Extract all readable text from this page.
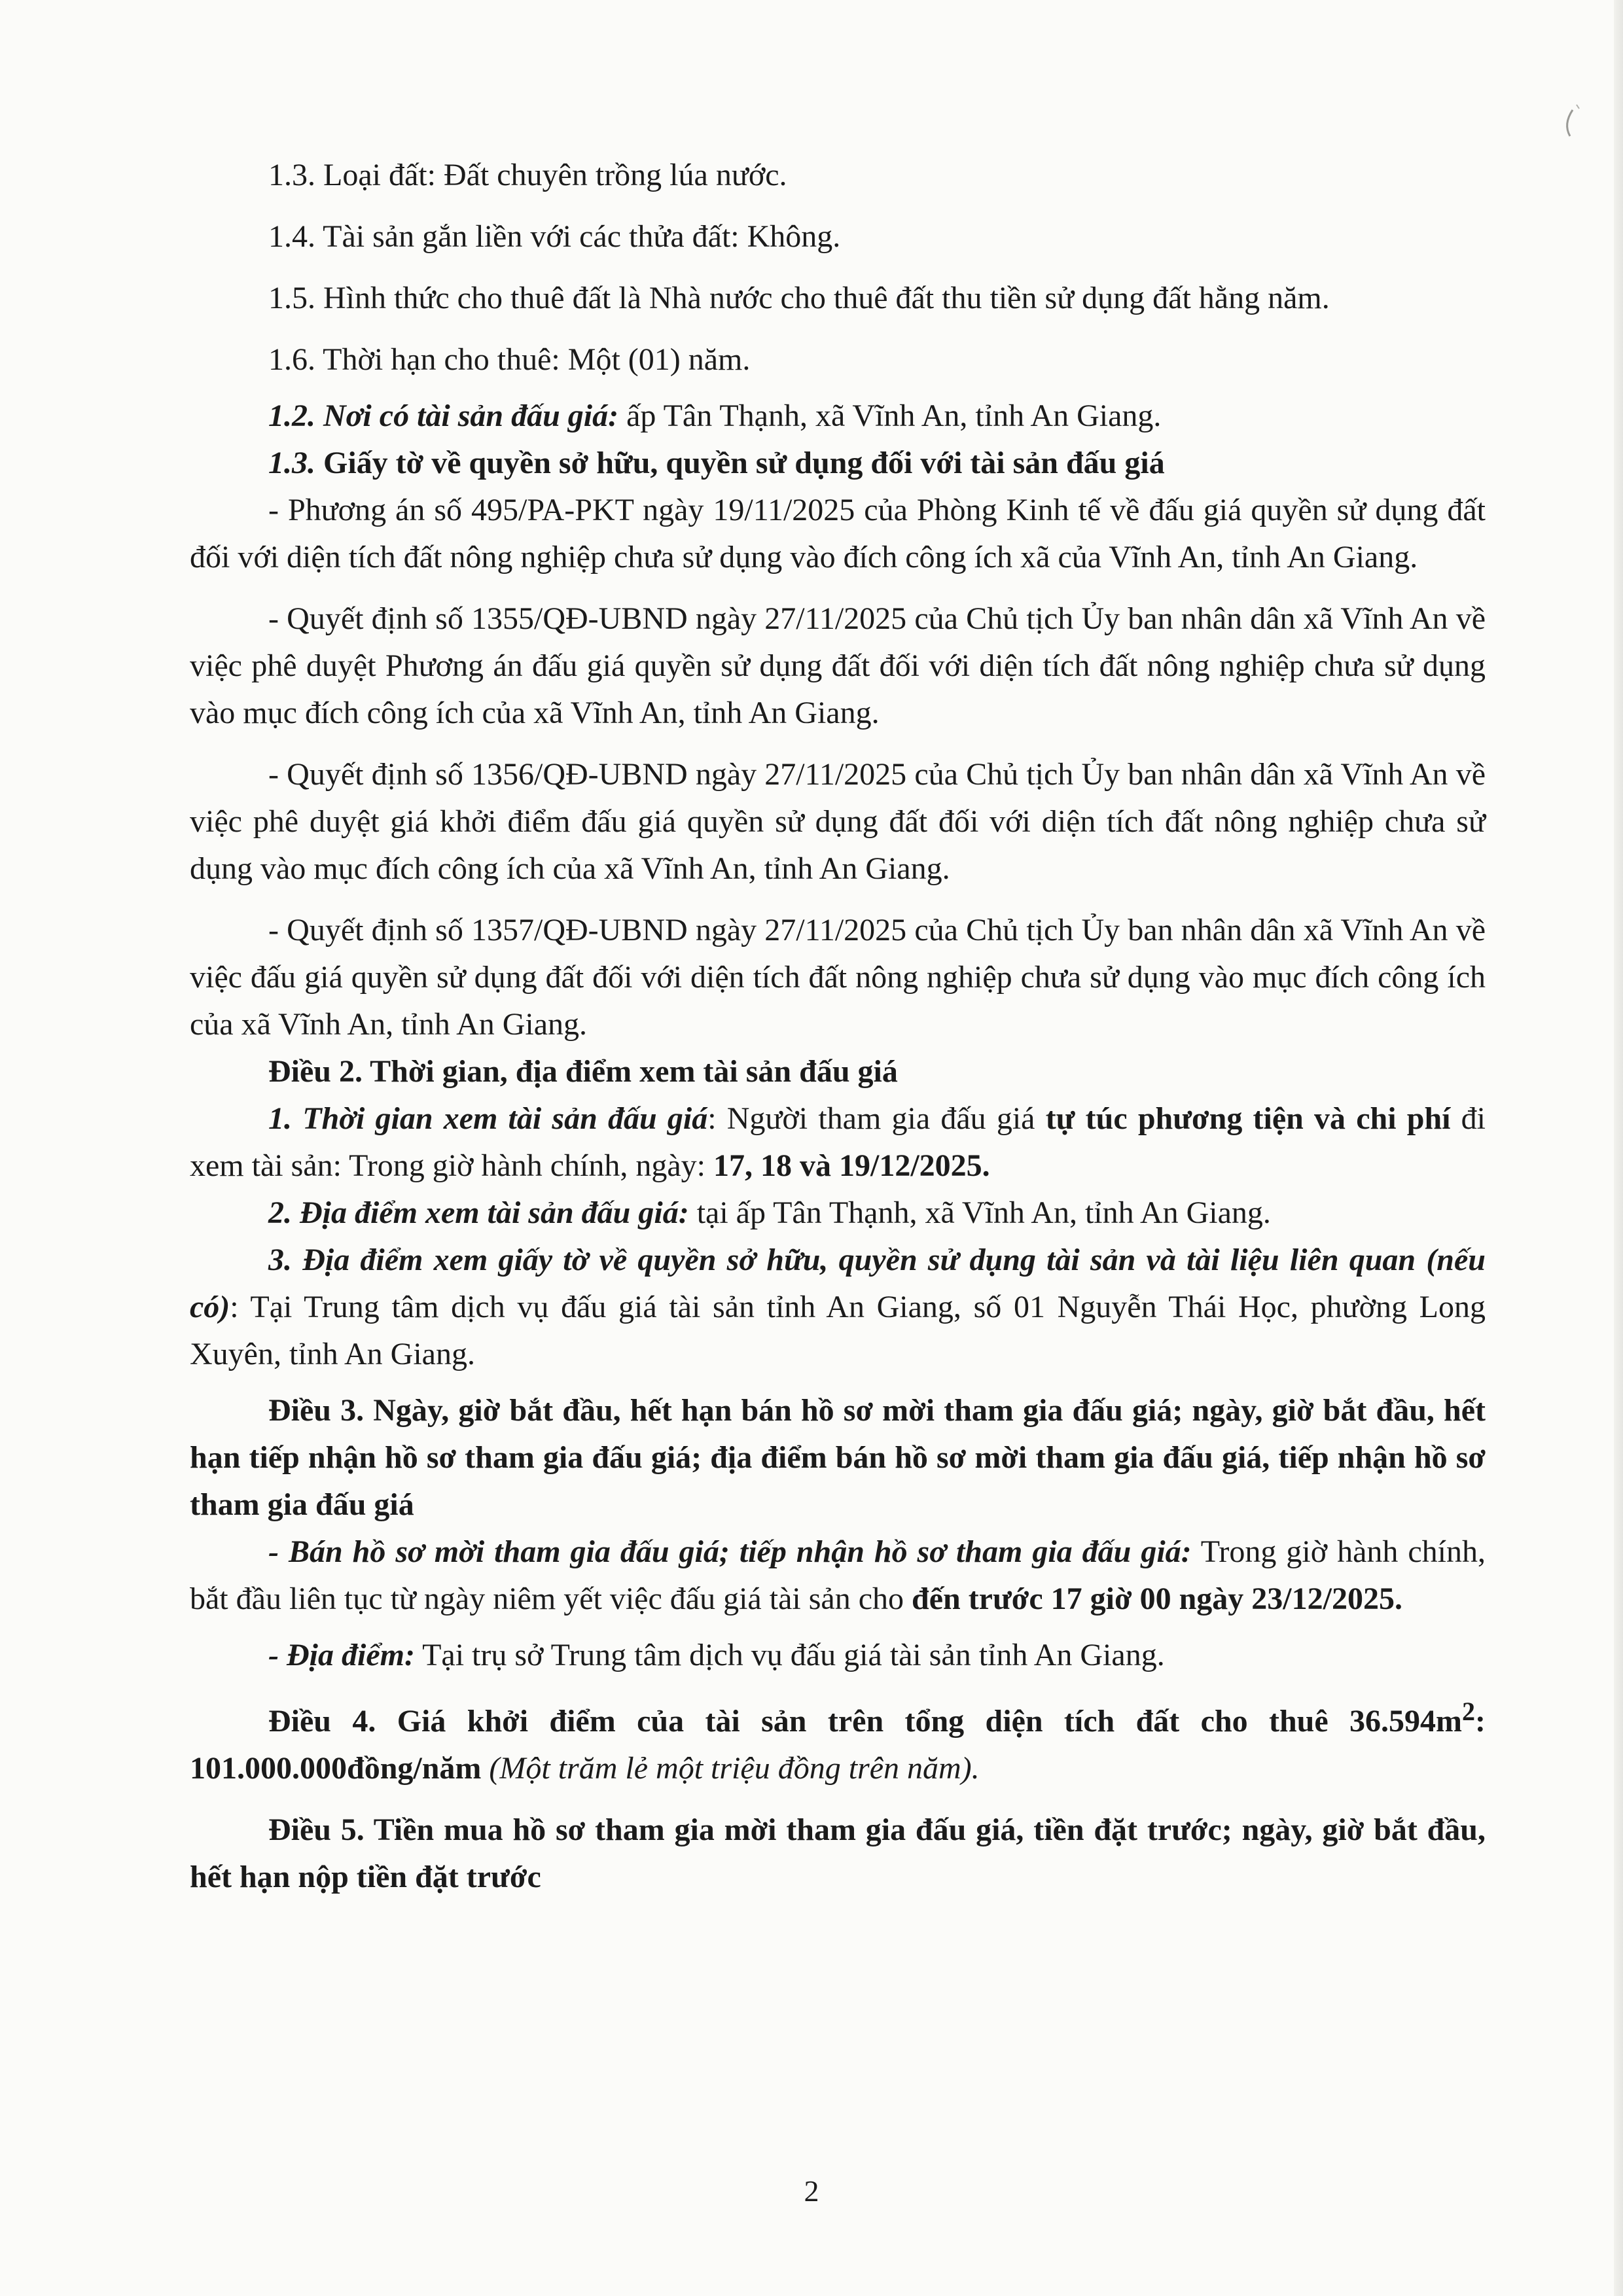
1.3. Loại đất: Đất chuyên trồng lúa nước.

1.4. Tài sản gắn liền với các thửa đất: Không.

1.5. Hình thức cho thuê đất là Nhà nước cho thuê đất thu tiền sử dụng đất hằng năm.

1.6. Thời hạn cho thuê: Một (01) năm.

1.2. Nơi có tài sản đấu giá: ấp Tân Thạnh, xã Vĩnh An, tỉnh An Giang.

1.3. Giấy tờ về quyền sở hữu, quyền sử dụng đối với tài sản đấu giá

- Phương án số 495/PA-PKT ngày 19/11/2025 của Phòng Kinh tế về đấu giá quyền sử dụng đất đối với diện tích đất nông nghiệp chưa sử dụng vào đích công ích xã của Vĩnh An, tỉnh An Giang.

- Quyết định số 1355/QĐ-UBND ngày 27/11/2025 của Chủ tịch Ủy ban nhân dân xã Vĩnh An về việc phê duyệt Phương án đấu giá quyền sử dụng đất đối với diện tích đất nông nghiệp chưa sử dụng vào mục đích công ích của xã Vĩnh An, tỉnh An Giang.

- Quyết định số 1356/QĐ-UBND ngày 27/11/2025 của Chủ tịch Ủy ban nhân dân xã Vĩnh An về việc phê duyệt giá khởi điểm đấu giá quyền sử dụng đất đối với diện tích đất nông nghiệp chưa sử dụng vào mục đích công ích của xã Vĩnh An, tỉnh An Giang.

- Quyết định số 1357/QĐ-UBND ngày 27/11/2025 của Chủ tịch Ủy ban nhân dân xã Vĩnh An về việc đấu giá quyền sử dụng đất đối với diện tích đất nông nghiệp chưa sử dụng vào mục đích công ích của xã Vĩnh An, tỉnh An Giang.

Điều 2. Thời gian, địa điểm xem tài sản đấu giá

1. Thời gian xem tài sản đấu giá: Người tham gia đấu giá tự túc phương tiện và chi phí đi xem tài sản: Trong giờ hành chính, ngày: 17, 18 và 19/12/2025.

2. Địa điểm xem tài sản đấu giá: tại ấp Tân Thạnh, xã Vĩnh An, tỉnh An Giang.

3. Địa điểm xem giấy tờ về quyền sở hữu, quyền sử dụng tài sản và tài liệu liên quan (nếu có): Tại Trung tâm dịch vụ đấu giá tài sản tỉnh An Giang, số 01 Nguyễn Thái Học, phường Long Xuyên, tỉnh An Giang.

Điều 3. Ngày, giờ bắt đầu, hết hạn bán hồ sơ mời tham gia đấu giá; ngày, giờ bắt đầu, hết hạn tiếp nhận hồ sơ tham gia đấu giá; địa điểm bán hồ sơ mời tham gia đấu giá, tiếp nhận hồ sơ tham gia đấu giá

- Bán hồ sơ mời tham gia đấu giá; tiếp nhận hồ sơ tham gia đấu giá: Trong giờ hành chính, bắt đầu liên tục từ ngày niêm yết việc đấu giá tài sản cho đến trước 17 giờ 00 ngày 23/12/2025.

- Địa điểm: Tại trụ sở Trung tâm dịch vụ đấu giá tài sản tỉnh An Giang.

Điều 4. Giá khởi điểm của tài sản trên tổng diện tích đất cho thuê $36.594m^2$: 101.000.000đồng/năm (Một trăm lẻ một triệu đồng trên năm).

Điều 5. Tiền mua hồ sơ tham gia mời tham gia đấu giá, tiền đặt trước; ngày, giờ bắt đầu, hết hạn nộp tiền đặt trước

2
